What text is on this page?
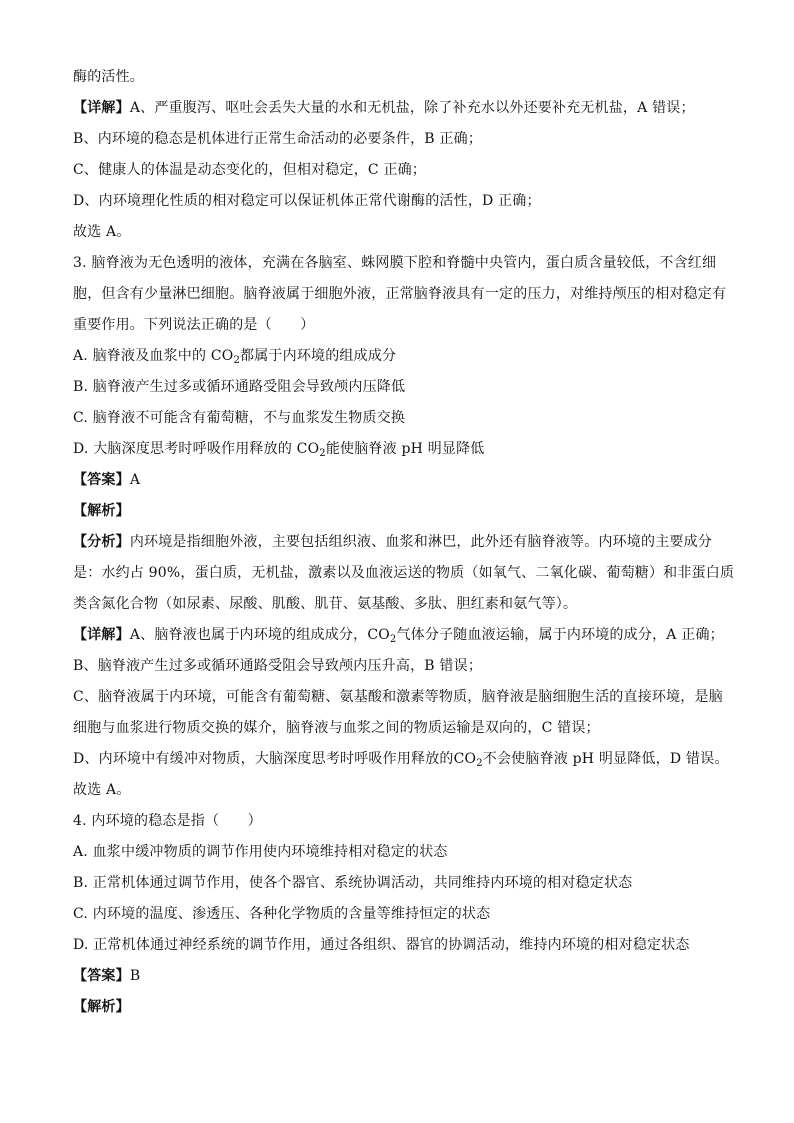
酶的活性。
【详解】A、严重腹泻、呕吐会丢失大量的水和无机盐，除了补充水以外还要补充无机盐，A 错误；
B、内环境的稳态是机体进行正常生命活动的必要条件，B 正确；
C、健康人的体温是动态变化的，但相对稳定，C 正确；
D、内环境理化性质的相对稳定可以保证机体正常代谢酶的活性，D 正确；
故选 A。
3. 脑脊液为无色透明的液体，充满在各脑室、蛛网膜下腔和脊髓中央管内，蛋白质含量较低，不含红细
胞，但含有少量淋巴细胞。脑脊液属于细胞外液，正常脑脊液具有一定的压力，对维持颅压的相对稳定有
重要作用。下列说法正确的是（　　）
A. 脑脊液及血浆中的 $CO_2$都属于内环境的组成成分
B. 脑脊液产生过多或循环通路受阻会导致颅内压降低
C. 脑脊液不可能含有葡萄糖，不与血浆发生物质交换
D. 大脑深度思考时呼吸作用释放的 $CO_2$能使脑脊液 pH 明显降低
【答案】A
【解析】
【分析】内环境是指细胞外液，主要包括组织液、血浆和淋巴，此外还有脑脊液等。内环境的主要成分
是：水约占 90%，蛋白质，无机盐，激素以及血液运送的物质（如氧气、二氧化碳、葡萄糖）和非蛋白质
类含氮化合物（如尿素、尿酸、肌酸、肌苷、氨基酸、多肽、胆红素和氨气等）。
【详解】A、脑脊液也属于内环境的组成成分，$CO_2$气体分子随血液运输，属于内环境的成分，A 正确；
B、脑脊液产生过多或循环通路受阻会导致颅内压升高，B 错误；
C、脑脊液属于内环境，可能含有葡萄糖、氨基酸和激素等物质，脑脊液是脑细胞生活的直接环境，是脑
细胞与血浆进行物质交换的媒介，脑脊液与血浆之间的物质运输是双向的，C 错误；
D、内环境中有缓冲对物质，大脑深度思考时呼吸作用释放的$CO_2$不会使脑脊液 pH 明显降低，D 错误。
故选 A。
4. 内环境的稳态是指（　　）
A. 血浆中缓冲物质的调节作用使内环境维持相对稳定的状态
B. 正常机体通过调节作用，使各个器官、系统协调活动，共同维持内环境的相对稳定状态
C. 内环境的温度、渗透压、各种化学物质的含量等维持恒定的状态
D. 正常机体通过神经系统的调节作用，通过各组织、器官的协调活动，维持内环境的相对稳定状态
【答案】B
【解析】
